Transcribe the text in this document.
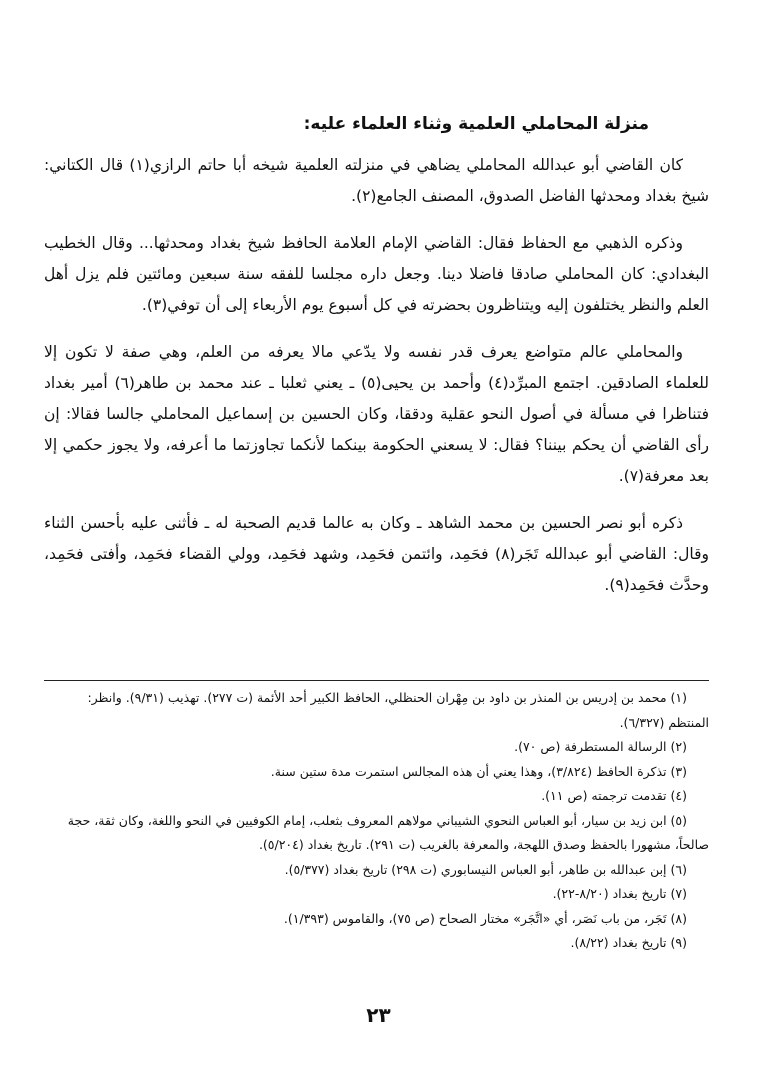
منزلة المحاملي العلمية وثناء العلماء عليه:

كان القاضي أبو عبدالله المحاملي يضاهي في منزلته العلمية شيخه أبا حاتم الرازي(١) قال الكتاني: شيخ بغداد ومحدثها الفاضل الصدوق، المصنف الجامع(٢).

وذكره الذهبي مع الحفاظ فقال: القاضي الإمام العلامة الحافظ شيخ بغداد ومحدثها... وقال الخطيب البغدادي: كان المحاملي صادقا فاضلا دينا. وجعل داره مجلسا للفقه سنة سبعين ومائتين فلم يزل أهل العلم والنظر يختلفون إليه ويتناظرون بحضرته في كل أسبوع يوم الأربعاء إلى أن توفي(٣).

والمحاملي عالم متواضع يعرف قدر نفسه ولا يدّعي مالا يعرفه من العلم، وهي صفة لا تكون إلا للعلماء الصادقين. اجتمع المبرِّد(٤) وأحمد بن يحيى(٥) ـ يعني ثعلبا ـ عند محمد بن طاهر(٦) أمير بغداد فتناظرا في مسألة في أصول النحو عقلية ودققا، وكان الحسين بن إسماعيل المحاملي جالسا فقالا: إن رأى القاضي أن يحكم بيننا؟ فقال: لا يسعني الحكومة بينكما لأنكما تجاوزتما ما أعرفه، ولا يجوز حكمي إلا بعد معرفة(٧).

ذكره أبو نصر الحسين بن محمد الشاهد ـ وكان به عالما قديم الصحبة له ـ فأثنى عليه بأحسن الثناء وقال: القاضي أبو عبدالله تَجَر(٨) فحَمِد، وائتمن فحَمِد، وشهد فحَمِد، وولي القضاء فحَمِد، وأفتى فحَمِد، وحدَّث فحَمِد(٩).

(١) محمد بن إدريس بن المنذر بن داود بن مِهْران الحنظلي، الحافظ الكبير أحد الأئمة (ت ٢٧٧). تهذيب (٩/٣١). وانظر: المنتظم (٦/٣٢٧).

(٢) الرسالة المستطرفة (ص ٧٠).

(٣) تذكرة الحافظ (٣/٨٢٤)، وهذا يعني أن هذه المجالس استمرت مدة ستين سنة.

(٤) تقدمت ترجمته (ص ١١).

(٥) ابن زيد بن سيار، أبو العباس النحوي الشيباني مولاهم المعروف بثعلب، إمام الكوفيين في النحو واللغة، وكان ثقة، حجة صالحاً، مشهورا بالحفظ وصدق اللهجة، والمعرفة بالغريب (ت ٢٩١). تاريخ بغداد (٥/٢٠٤).

(٦) إبن عبدالله بن طاهر، أبو العباس النيسابوري (ت ٢٩٨) تاريخ بغداد (٥/٣٧٧).

(٧) تاريخ بغداد (٨/٢٠-٢٢).

(٨) تَجَر، من باب نَصَر، أي «اتَّجَر» مختار الصحاح (ص ٧٥)، والقاموس (١/٣٩٣).

(٩) تاريخ بغداد (٨/٢٢).

٢٣
